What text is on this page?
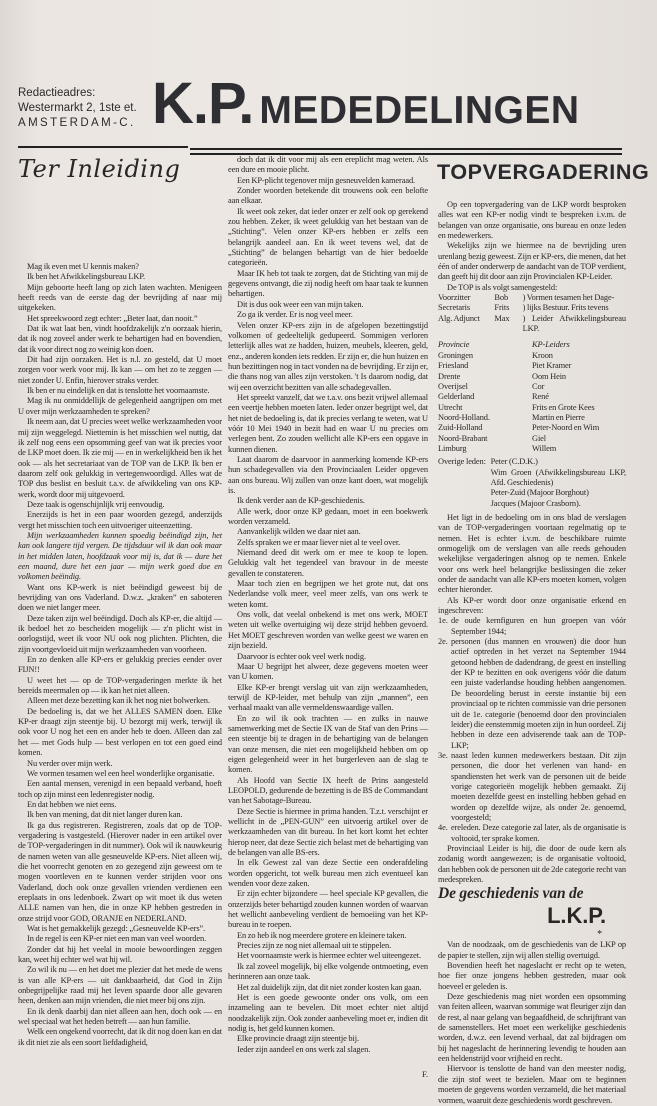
Redactieadres:
Westermarkt 2, 1ste et.
AMSTERDAM-C. K.P. MEDEDELINGEN
Ter Inleiding

Mag ik even met U kennis maken?

Ik ben het Afwikkelingsbureau LKP.

Mijn geboorte heeft lang op zich laten wachten. Menigeen heeft reeds van de eerste dag der bevrijding af naar mij uitgekeken.

Het spreekwoord zegt echter: „Beter laat, dan nooit.”

Dat ik wat laat ben, vindt hoofdzakelijk z'n oorzaak hierin, dat ik nog zoveel ander werk te behartigen had en bovendien, dat ik voor direct nog zo weinig kon doen.

Dit had zijn oorzaken. Het is n.l. zo gesteld, dat U moet zorgen voor werk voor mij. Ik kan — om het zo te zeggen — niet zonder U. Enfin, hierover straks verder.

Ik ben er nu eindelijk en dat is tenslotte het voornaamste.

Mag ik nu onmiddellijk de gelegenheid aangrijpen om met U over mijn werkzaamheden te spreken?

Ik neem aan, dat U precies weet welke werkzaamheden voor mij zijn weggelegd. Niettemin is het misschien wel nuttig, dat ik zelf nog eens een opsomming geef van wat ik precies voor de LKP moet doen. Ik zie mij — en in werkelijkheid ben ik het ook — als het secretariaat van de TOP van de LKP. Ik ben er daarom zelf ook gelukkig in vertegenwoordigd. Alles wat de TOP dus beslist en besluit t.a.v. de afwikkeling van ons KP-werk, wordt door mij uitgevoerd.

Deze taak is ogenschijnlijk vrij eenvoudig.

Enerzijds is het in een paar woorden gezegd, anderzijds vergt het misschien toch een uitvoeriger uiteenzetting.

Mijn werkzaamheden kunnen spoedig beëindigd zijn, het kan ook langere tijd vergen. De tijdsduur wil ik dan ook maar in het midden laten, hoofdzaak voor mij is, dat ik — dure het een maand, dure het een jaar — mijn werk goed doe en volkomen beëindig.

Want ons KP-werk is niet beëindigd geweest bij de bevrijding van ons Vaderland. D.w.z. „kraken” en saboteren doen we niet langer meer.

Deze taken zijn wel beëindigd. Doch als KP-er, die altijd — ik bedoel het zo bescheiden mogelijk — z'n plicht wist in oorlogstijd, weet ik voor NU ook nog plichten. Plichten, die zijn voortgevloeid uit mijn werkzaamheden van voorheen.

En zo denken alle KP-ers er gelukkig precies eender over FIJN!!

U weet het — op de TOP-vergaderingen merkte ik het bereids meermalen op — ik kan het niet alleen.

Alleen met deze bezetting kan ik het nog niet bolwerken.

De bedoeling is, dat we het ALLES SAMEN doen. Elke KP-er draagt zijn steentje bij. U bezorgt mij werk, terwijl ik ook voor U nog het een en ander heb te doen. Alleen dan zal het — met Gods hulp — best verlopen en tot een goed eind komen.

Nu verder over mijn werk.

We vormen tesamen wel een heel wonderlijke organisatie.

Een aantal mensen, verenigd in een bepaald verband, hoeft toch op zijn minst een ledenregister nodig.

En dat hebben we niet eens.

Ik ben van mening, dat dit niet langer duren kan.

Ik ga dus registreren. Registreren, zoals dat op de TOP-vergadering is vastgesteld. (Hierover nader in een artikel over de TOP-vergaderingen in dit nummer). Ook wil ik nauwkeurig de namen weten van alle gesneuvelde KP-ers. Niet alleen wij, die het voorrecht genoten en zo gezegend zijn geweest om te mogen voortleven en te kunnen verder strijden voor ons Vaderland, doch ook onze gevallen vrienden verdienen een ereplaats in ons ledenboek. Zwart op wit moet ik dus weten ALLE namen van hen, die in onze KP hebben gestreden in onze strijd voor GOD, ORANJE en NEDERLAND.

Wat is het gemakkelijk gezegd: „Gesneuvelde KP-ers”.

In de regel is een KP-er niet een man van veel woorden.

Zonder dat hij het veelal in mooie bewoordingen zeggen kan, weet hij echter wel wat hij wil.

Zo wil ik nu — en het doet me plezier dat het mede de wens is van alle KP-ers — uit dankbaarheid, dat God in Zijn onbegrijpelijke raad mij het leven spaarde door alle gevaren heen, denken aan mijn vrienden, die niet meer bij ons zijn.

En ik denk daarbij dan niet alleen aan hen, doch ook — en wel speciaal wat het heden betreft — aan hun familie.

Welk een ongekend voorrecht, dat ik dit nog doen kan en dat ik dit niet zie als een soort liefdadigheid,

doch dat ik dit voor mij als een ereplicht mag weten. Als een dure en mooie plicht.

Een KP-plicht tegenover mijn gesneuvelden kameraad.

Zonder woorden betekende dit trouwens ook een belofte aan elkaar.

Ik weet ook zeker, dat ieder onzer er zelf ook op gerekend zou hebben. Zeker, ik weet gelukkig van het bestaan van de „Stichting”. Velen onzer KP-ers hebben er zelfs een belangrijk aandeel aan. En ik weet tevens wel, dat de „Stichting” de belangen behartigt van de hier bedoelde categorieën.

Maar IK heb tot taak te zorgen, dat de Stichting van mij de gegevens ontvangt, die zij nodig heeft om haar taak te kunnen behartigen.

Dit is dus ook weer een van mijn taken.

Zo ga ik verder. Er is nog veel meer.

Velen onzer KP-ers zijn in de afgelopen bezettingstijd volkomen of gedeeltelijk gedupeerd. Sommigen verloren letterlijk alles wat ze hadden, huizen, meubels, kleeren, geld, enz., anderen konden iets redden. Er zijn er, die hun huizen en hun bezittingen nog in tact vonden na de bevrijding. Er zijn er, die thans nog van alles zijn verstoken. 't Is daarom nodig, dat wij een overzicht bezitten van alle schadegevallen.

Het spreekt vanzelf, dat we t.a.v. ons bezit vrijwel allemaal een veertje hebben moeten laten. Ieder onzer begrijpt wel, dat het niet de bedoeling is, dat ik precies verlang te weten, wat U vóór 10 Mei 1940 in bezit had en waar U nu precies om verlegen bent. Zo zouden wellicht alle KP-ers een opgave in kunnen dienen.

Laat daarom de daarvoor in aanmerking komende KP-ers hun schadegevallen via den Provinciaalen Leider opgeven aan ons bureau. Wij zullen van onze kant doen, wat mogelijk is.

Ik denk verder aan de KP-geschiedenis.

Alle werk, door onze KP gedaan, moet in een boekwerk worden verzameld.

Aanvankelijk wilden we daar niet aan.

Zelfs spraken we er maar liever niet al te veel over.

Niemand deed dit werk om er mee te koop te lopen. Gelukkig valt het tegendeel van bravour in de meeste gevallen te constateren.

Maar toch zien en begrijpen we het grote nut, dat ons Nederlandse volk meer, veel meer zelfs, van ons werk te weten komt.

Ons volk, dat veelal onbekend is met ons werk, MOET weten uit welke overtuiging wij deze strijd hebben gevoerd. Het MOET geschreven worden van welke geest we waren en zijn bezield.

Daarvoor is echter ook veel werk nodig.

Maar U begrijpt het alweer, deze gegevens moeten weer van U komen.

Elke KP-er brengt verslag uit van zijn werkzaamheden, terwijl de KP-leider, met behulp van zijn „mannen”, een verhaal maakt van alle vermeldenswaardige vallen.

En zo wil ik ook trachten — en zulks in nauwe samenwerking met de Sectie IX van de Staf van den Prins — een steentje bij te dragen in de behartiging van de belangen van onze mensen, die niet een mogelijkheid hebben om op eigen gelegenheid weer in het burgerleven aan de slag te komen.

Als Hoofd van Sectie IX heeft de Prins aangesteld LEOPOLD, gedurende de bezetting is de BS de Commandant van het Sabotage-Bureau.

Deze Sectie is hiermee in prima handen. T.z.t. verschijnt er wellicht in de „PEN-GUN” een uitvoerig artikel over de werkzaamheden van dit bureau. In het kort komt het echter hierop neer, dat deze Sectie zich belast met de behartiging van de belangen van alle BS-ers.

In elk Gewest zal van deze Sectie een onderafdeling worden opgericht, tot welk bureau men zich eventueel kan wenden voor deze zaken.

Er zijn echter bijzondere — heel speciale KP gevallen, die onzerzijds beter behartigd zouden kunnen worden of waarvan het wellicht aanbeveling verdient de bemoeiing van het KP-bureau in te roepen.

En zo heb ik nog meerdere grotere en kleinere taken.

Precies zijn ze nog niet allemaal uit te stippelen.

Het voornaamste werk is hiermee echter wel uiteengezet.

Ik zal zoveel mogelijk, bij elke volgende ontmoeting, even herinneren aan onze taak.

Het zal duidelijk zijn, dat dit niet zonder kosten kan gaan.

Het is een goede gewoonte onder ons volk, om een inzameling aan te bevelen. Dit moet echter niet altijd noodzakelijk zijn. Ook zonder aanbeveling moet er, indien dit nodig is, het geld kunnen komen.

Elke provincie draagt zijn steentje bij.

Ieder zijn aandeel en ons werk zal slagen.

F.
TOPVERGADERING

Op een topvergadering van de LKP wordt besproken alles wat een KP-er nodig vindt te bespreken i.v.m. de belangen van onze organisatie, ons bureau en onze leden en medewerkers.

Wekelijks zijn we hiermee na de bevrijding uren urenlang bezig geweest. Zijn er KP-ers, die menen, dat het één of ander onderwerp de aandacht van de TOP verdient, dan geeft hij dit door aan zijn Provincialen KP-Leider.

De TOP is als volgt samengesteld:

Voorzitter	Bob	) Vormen tesamen het Dage-
Secretaris	Frits	) lijks Bestuur. Frits tevens
Alg. Adjunct	Max	) Leider Afwikkelingsbureau LKP.
Provincie	KP-Leiders
Groningen	Kroon
Friesland	Piet Kramer
Drente	Oom Hein
Overijsel	Cor
Gelderland	René
Utrecht	Frits en Grote Kees
Noord-Holland.	Martin en Pierre
Zuid-Holland	Peter-Noord en Wim
Noord-Brabant	Giel
Limburg	Willem
Overige leden:	Peter (C.D.K.)
Wim Groen (Afwikkelingsbureau LKP, Afd. Geschiedenis)
Peter-Zuid (Majoor Borghout)
Jacques (Majoor Crasborn).

Het ligt in de bedoeling om in ons blad de verslagen van de TOP-vergaderingen voortaan regelmatig op te nemen. Het is echter i.v.m. de beschikbare ruimte onmogelijk om de verslagen van alle reeds gehouden wekelijkse vergaderingen alsnog op te nemen. Enkele voor ons werk heel belangrijke beslissingen die zeker onder de aandacht van alle KP-ers moeten komen, volgen echter hieronder.

Als KP-er wordt door onze organisatie erkend en ingeschreven:

1e. de oude kernfiguren en hun groepen van vóór September 1944;

2e. personen (dus mannen en vrouwen) die door hun actief optreden in het verzet na September 1944 getoond hebben de dadendrang, de geest en instelling der KP te bezitten en ook overigens vóór die datum een juiste vaderlandse houding hebben aangenomen. De beoordeling berust in eerste instantie bij een provinciaal op te richten commissie van drie personen uit de 1e. categorie (benoemd door den provincialen leider) die eenstemmig moeten zijn in hun oordeel. Zij hebben in deze een adviserende taak aan de TOP-LKP;

3e. naast leden kunnen medewerkers bestaan. Dit zijn personen, die door het verlenen van hand- en spandiensten het werk van de personen uit de beide vorige categorieën mogelijk hebben gemaakt. Zij moeten dezelfde geest en instelling hebben gehad en worden op dezelfde wijze, als onder 2e. genoemd, voorgesteld;

4e. ereleden. Deze categorie zal later, als de organisatie is voltooid, ter sprake komen.

Provinciaal Leider is hij, die door de oude kern als zodanig wordt aangewezen; is de organisatie voltooid, dan hebben ook de personen uit de 2de categorie recht van medespreken.

De geschiedenis van de

L.K.P.
*

Van de noodzaak, om de geschiedenis van de LKP op de papier te stellen, zijn wij allen stellig overtuigd.

Bovendien heeft het nageslacht er recht op te weten, hoe fier onze jongens hebben gestreden, maar ook hoeveel er geleden is.

Deze geschiedenis mag niet worden een opsomming van feiten alleen, waarvan sommige wat fleuriger zijn dan de rest, al naar gelang van begaafdheid, de schrijftrant van de samenstellers. Het moet een werkelijke geschiedenis worden, d.w.z. een levend verhaal, dat zal bijdragen om bij het nageslacht de herinnering levendig te houden aan een heldenstrijd voor vrijheid en recht.

Hiervoor is tenslotte de hand van den meester nodig, die zijn stof weet te bezielen. Maar om te beginnen moeten de gegevens worden verzameld, die het materiaal vormen, waaruit deze geschiedenis wordt geschreven.
